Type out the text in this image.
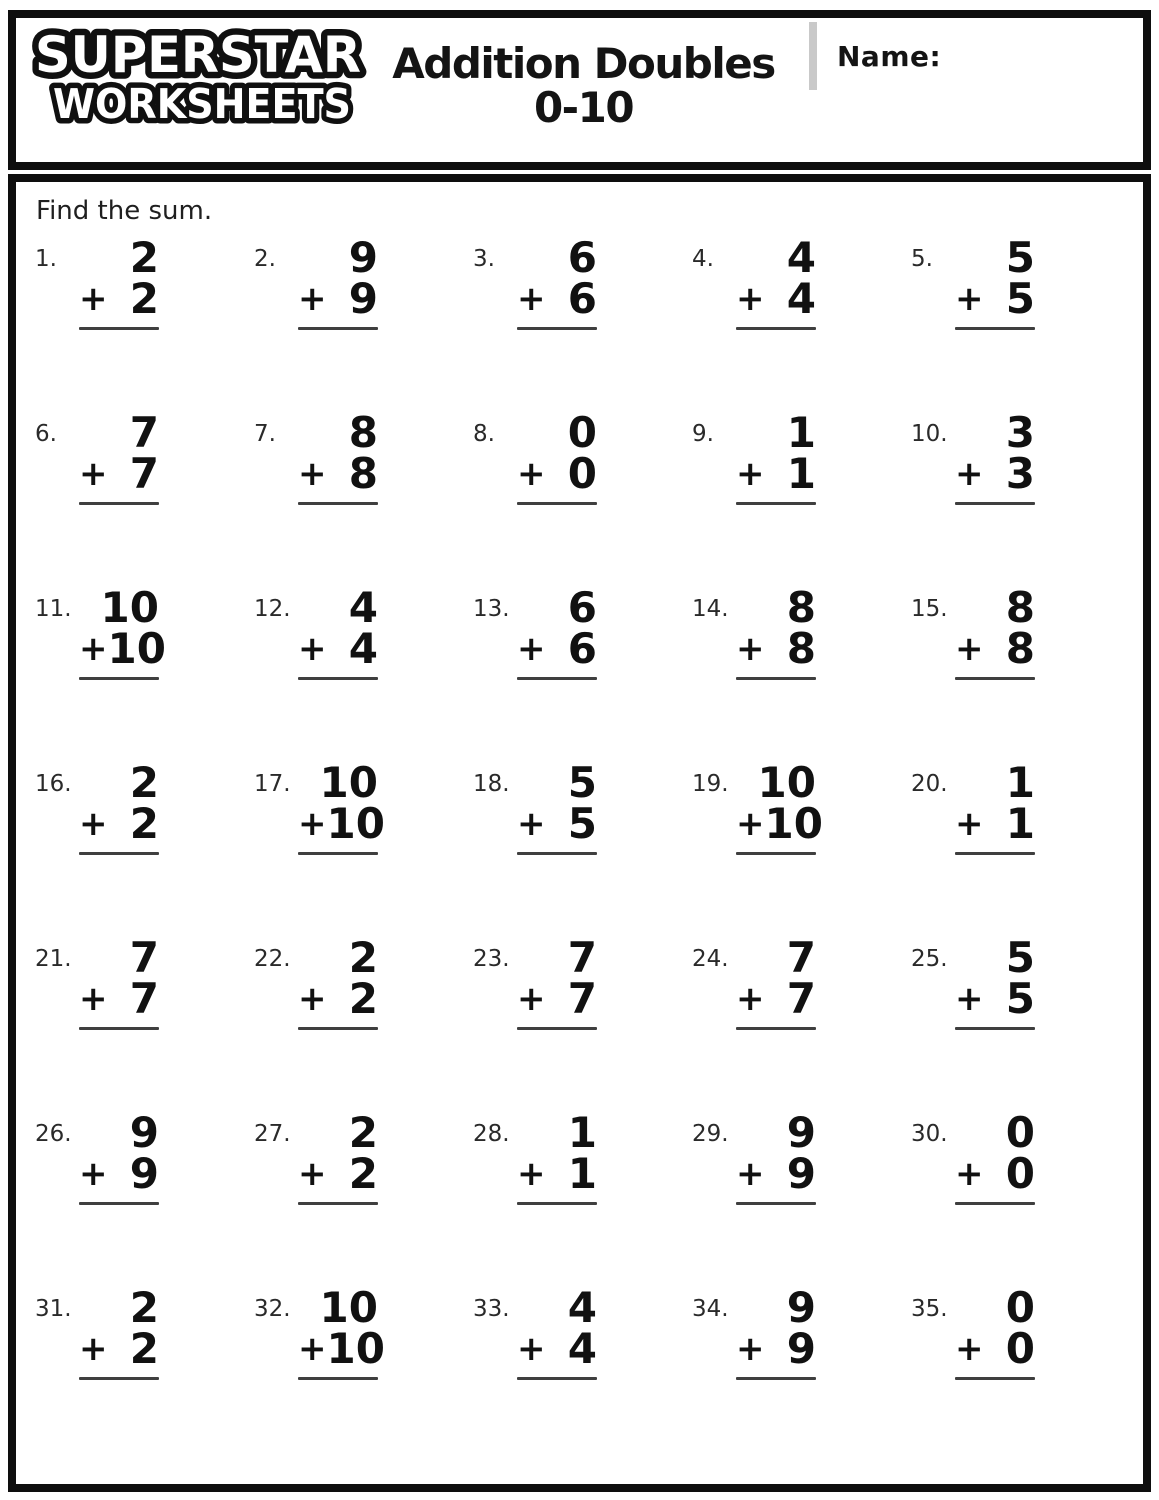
SUPERSTAR
WORKSHEETS
Addition Doubles
0-10
Name:
Find the sum.
1.	2
+ 2
2.	9
+ 9
3.	6
+ 6
4.	4
+ 4
5.	5
+ 5
6.	7
+ 7
7.	8
+ 8
8.	0
+ 0
9.	1
+ 1
10.	3
+ 3
11. 10
+ 10
12.	4
+ 4
13.	6
+ 6
14.	8
+ 8
15.	8
+ 8
16.	2
+ 2
17. 10
+ 10
18.	5
+ 5
19. 10
+ 10
20.	1
+ 1
21.	7
+ 7
22.	2
+ 2
23.	7
+ 7
24.	7
+ 7
25.	5
+ 5
26.	9
+ 9
27.	2
+ 2
28.	1
+ 1
29.	9
+ 9
30.	0
+ 0
31.	2
+ 2
32. 10
+ 10
33.	4
+ 4
34.	9
+ 9
35.	0
+ 0
